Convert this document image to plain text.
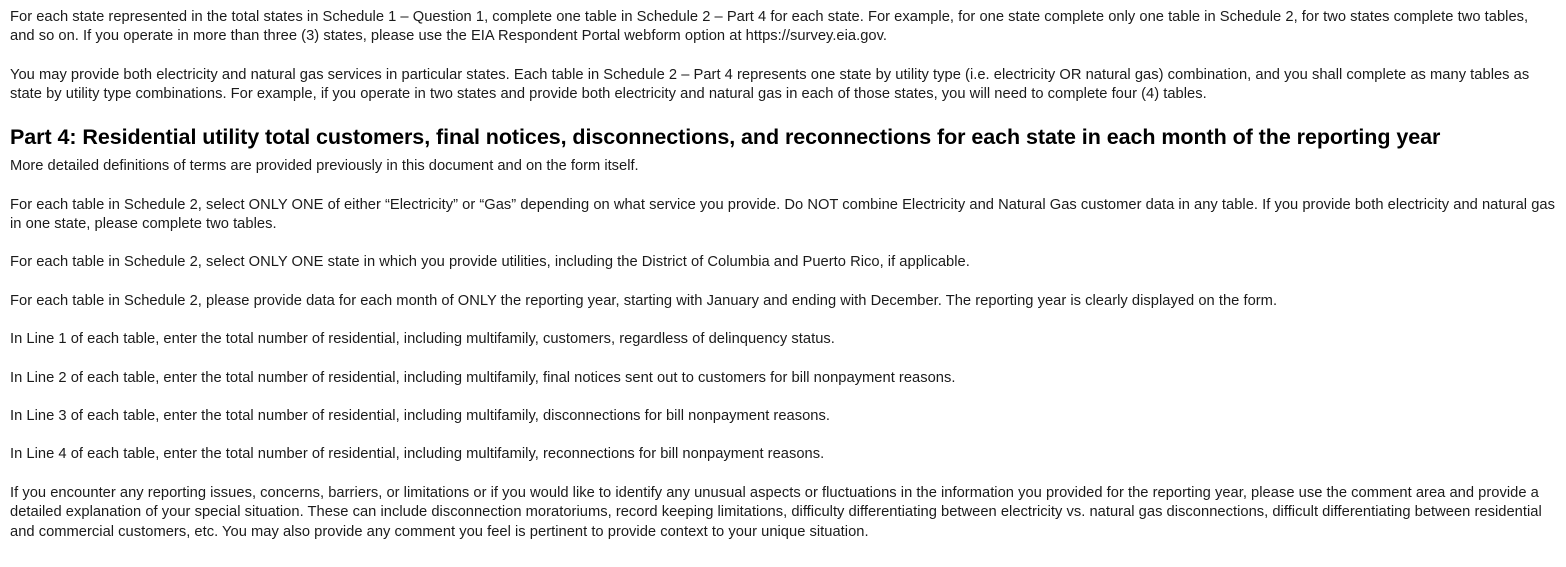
For each state represented in the total states in Schedule 1 – Question 1, complete one table in Schedule 2 – Part 4 for each state. For example, for one state complete only one table in Schedule 2, for two states complete two tables, and so on. If you operate in more than three (3) states, please use the EIA Respondent Portal webform option at https://survey.eia.gov.

You may provide both electricity and natural gas services in particular states. Each table in Schedule 2 – Part 4 represents one state by utility type (i.e. electricity OR natural gas) combination, and you shall complete as many tables as state by utility type combinations. For example, if you operate in two states and provide both electricity and natural gas in each of those states, you will need to complete four (4) tables.

Part 4: Residential utility total customers, final notices, disconnections, and reconnections for each state in each month of the reporting year

More detailed definitions of terms are provided previously in this document and on the form itself.

For each table in Schedule 2, select ONLY ONE of either “Electricity” or “Gas” depending on what service you provide. Do NOT combine Electricity and Natural Gas customer data in any table. If you provide both electricity and natural gas in one state, please complete two tables.

For each table in Schedule 2, select ONLY ONE state in which you provide utilities, including the District of Columbia and Puerto Rico, if applicable.

For each table in Schedule 2, please provide data for each month of ONLY the reporting year, starting with January and ending with December. The reporting year is clearly displayed on the form.

In Line 1 of each table, enter the total number of residential, including multifamily, customers, regardless of delinquency status.

In Line 2 of each table, enter the total number of residential, including multifamily, final notices sent out to customers for bill nonpayment reasons.

In Line 3 of each table, enter the total number of residential, including multifamily, disconnections for bill nonpayment reasons.

In Line 4 of each table, enter the total number of residential, including multifamily, reconnections for bill nonpayment reasons.

If you encounter any reporting issues, concerns, barriers, or limitations or if you would like to identify any unusual aspects or fluctuations in the information you provided for the reporting year, please use the comment area and provide a detailed explanation of your special situation. These can include disconnection moratoriums, record keeping limitations, difficulty differentiating between electricity vs. natural gas disconnections, difficult differentiating between residential and commercial customers, etc. You may also provide any comment you feel is pertinent to provide context to your unique situation.
